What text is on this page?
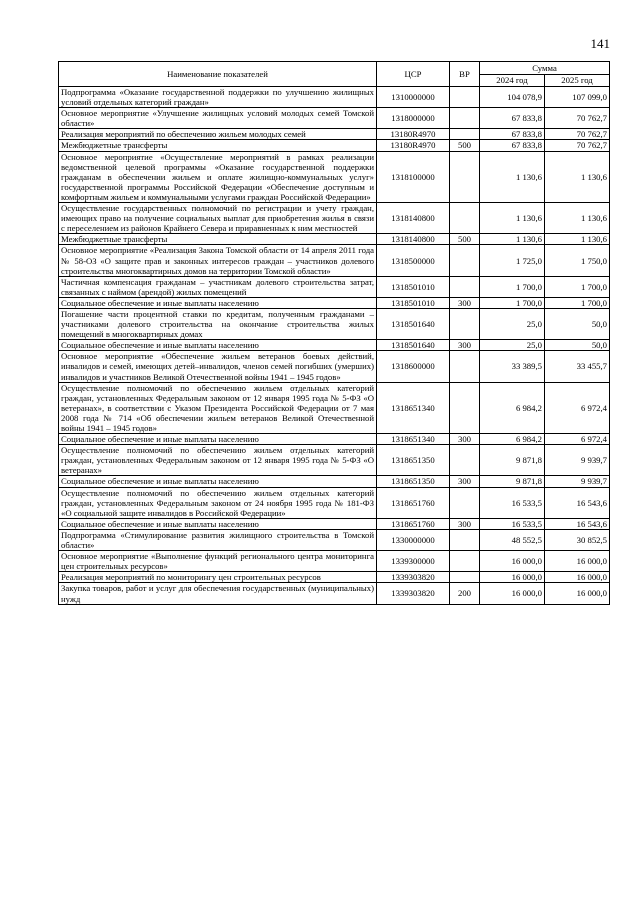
141
Наименование показателей	ЦСР	ВР	Сумма	
			2024 год	2025 год
Подпрограмма «Оказание государственной поддержки по улучшению жилищных условий отдельных категорий граждан»	1310000000		104 078,9	107 099,0
Основное мероприятие «Улучшение жилищных условий молодых семей Томской области»	1318000000		67 833,8	70 762,7
Реализация мероприятий по обеспечению жильем молодых семей	13180R4970		67 833,8	70 762,7
Межбюджетные трансферты	13180R4970	500	67 833,8	70 762,7
Основное мероприятие «Осуществление мероприятий в рамках реализации ведомственной целевой программы «Оказание государственной поддержки гражданам в обеспечении жильем и оплате жилищно-коммунальных услуг» государственной программы Российской Федерации «Обеспечение доступным и комфортным жильем и коммунальными услугами граждан Российской Федерации»	1318100000		1 130,6	1 130,6
Осуществление государственных полномочий по регистрации и учету граждан, имеющих право на получение социальных выплат для приобретения жилья в связи с переселением из районов Крайнего Севера и приравненных к ним местностей	1318140800		1 130,6	1 130,6
Межбюджетные трансферты	1318140800	500	1 130,6	1 130,6
Основное мероприятие «Реализация Закона Томской области от 14 апреля 2011 года № 58-ОЗ «О защите прав и законных интересов граждан – участников долевого строительства многоквартирных домов на территории Томской области»	1318500000		1 725,0	1 750,0
Частичная компенсация гражданам – участникам долевого строительства затрат, связанных с наймом (арендой) жилых помещений	1318501010		1 700,0	1 700,0
Социальное обеспечение и иные выплаты населению	1318501010	300	1 700,0	1 700,0
Погашение части процентной ставки по кредитам, полученным гражданами – участниками долевого строительства на окончание строительства жилых помещений в многоквартирных домах	1318501640		25,0	50,0
Социальное обеспечение и иные выплаты населению	1318501640	300	25,0	50,0
Основное мероприятие «Обеспечение жильем ветеранов боевых действий, инвалидов и семей, имеющих детей–инвалидов, членов семей погибших (умерших) инвалидов и участников Великой Отечественной войны 1941 – 1945 годов»	1318600000		33 389,5	33 455,7
Осуществление полномочий по обеспечению жильем отдельных категорий граждан, установленных Федеральным законом от 12 января 1995 года № 5-ФЗ «О ветеранах», в соответствии с Указом Президента Российской Федерации от 7 мая 2008 года № 714 «Об обеспечении жильем ветеранов Великой Отечественной войны 1941 – 1945 годов»	1318651340		6 984,2	6 972,4
Социальное обеспечение и иные выплаты населению	1318651340	300	6 984,2	6 972,4
Осуществление полномочий по обеспечению жильем отдельных категорий граждан, установленных Федеральным законом от 12 января 1995 года № 5-ФЗ «О ветеранах»	1318651350		9 871,8	9 939,7
Социальное обеспечение и иные выплаты населению	1318651350	300	9 871,8	9 939,7
Осуществление полномочий по обеспечению жильем отдельных категорий граждан, установленных Федеральным законом от 24 ноября 1995 года № 181-ФЗ «О социальной защите инвалидов в Российской Федерации»	1318651760		16 533,5	16 543,6
Социальное обеспечение и иные выплаты населению	1318651760	300	16 533,5	16 543,6
Подпрограмма «Стимулирование развития жилищного строительства в Томской области»	1330000000		48 552,5	30 852,5
Основное мероприятие «Выполнение функций регионального центра мониторинга цен строительных ресурсов»	1339300000		16 000,0	16 000,0
Реализация мероприятий по мониторингу цен строительных ресурсов	1339303820		16 000,0	16 000,0
Закупка товаров, работ и услуг для обеспечения государственных (муниципальных) нужд	1339303820	200	16 000,0	16 000,0
